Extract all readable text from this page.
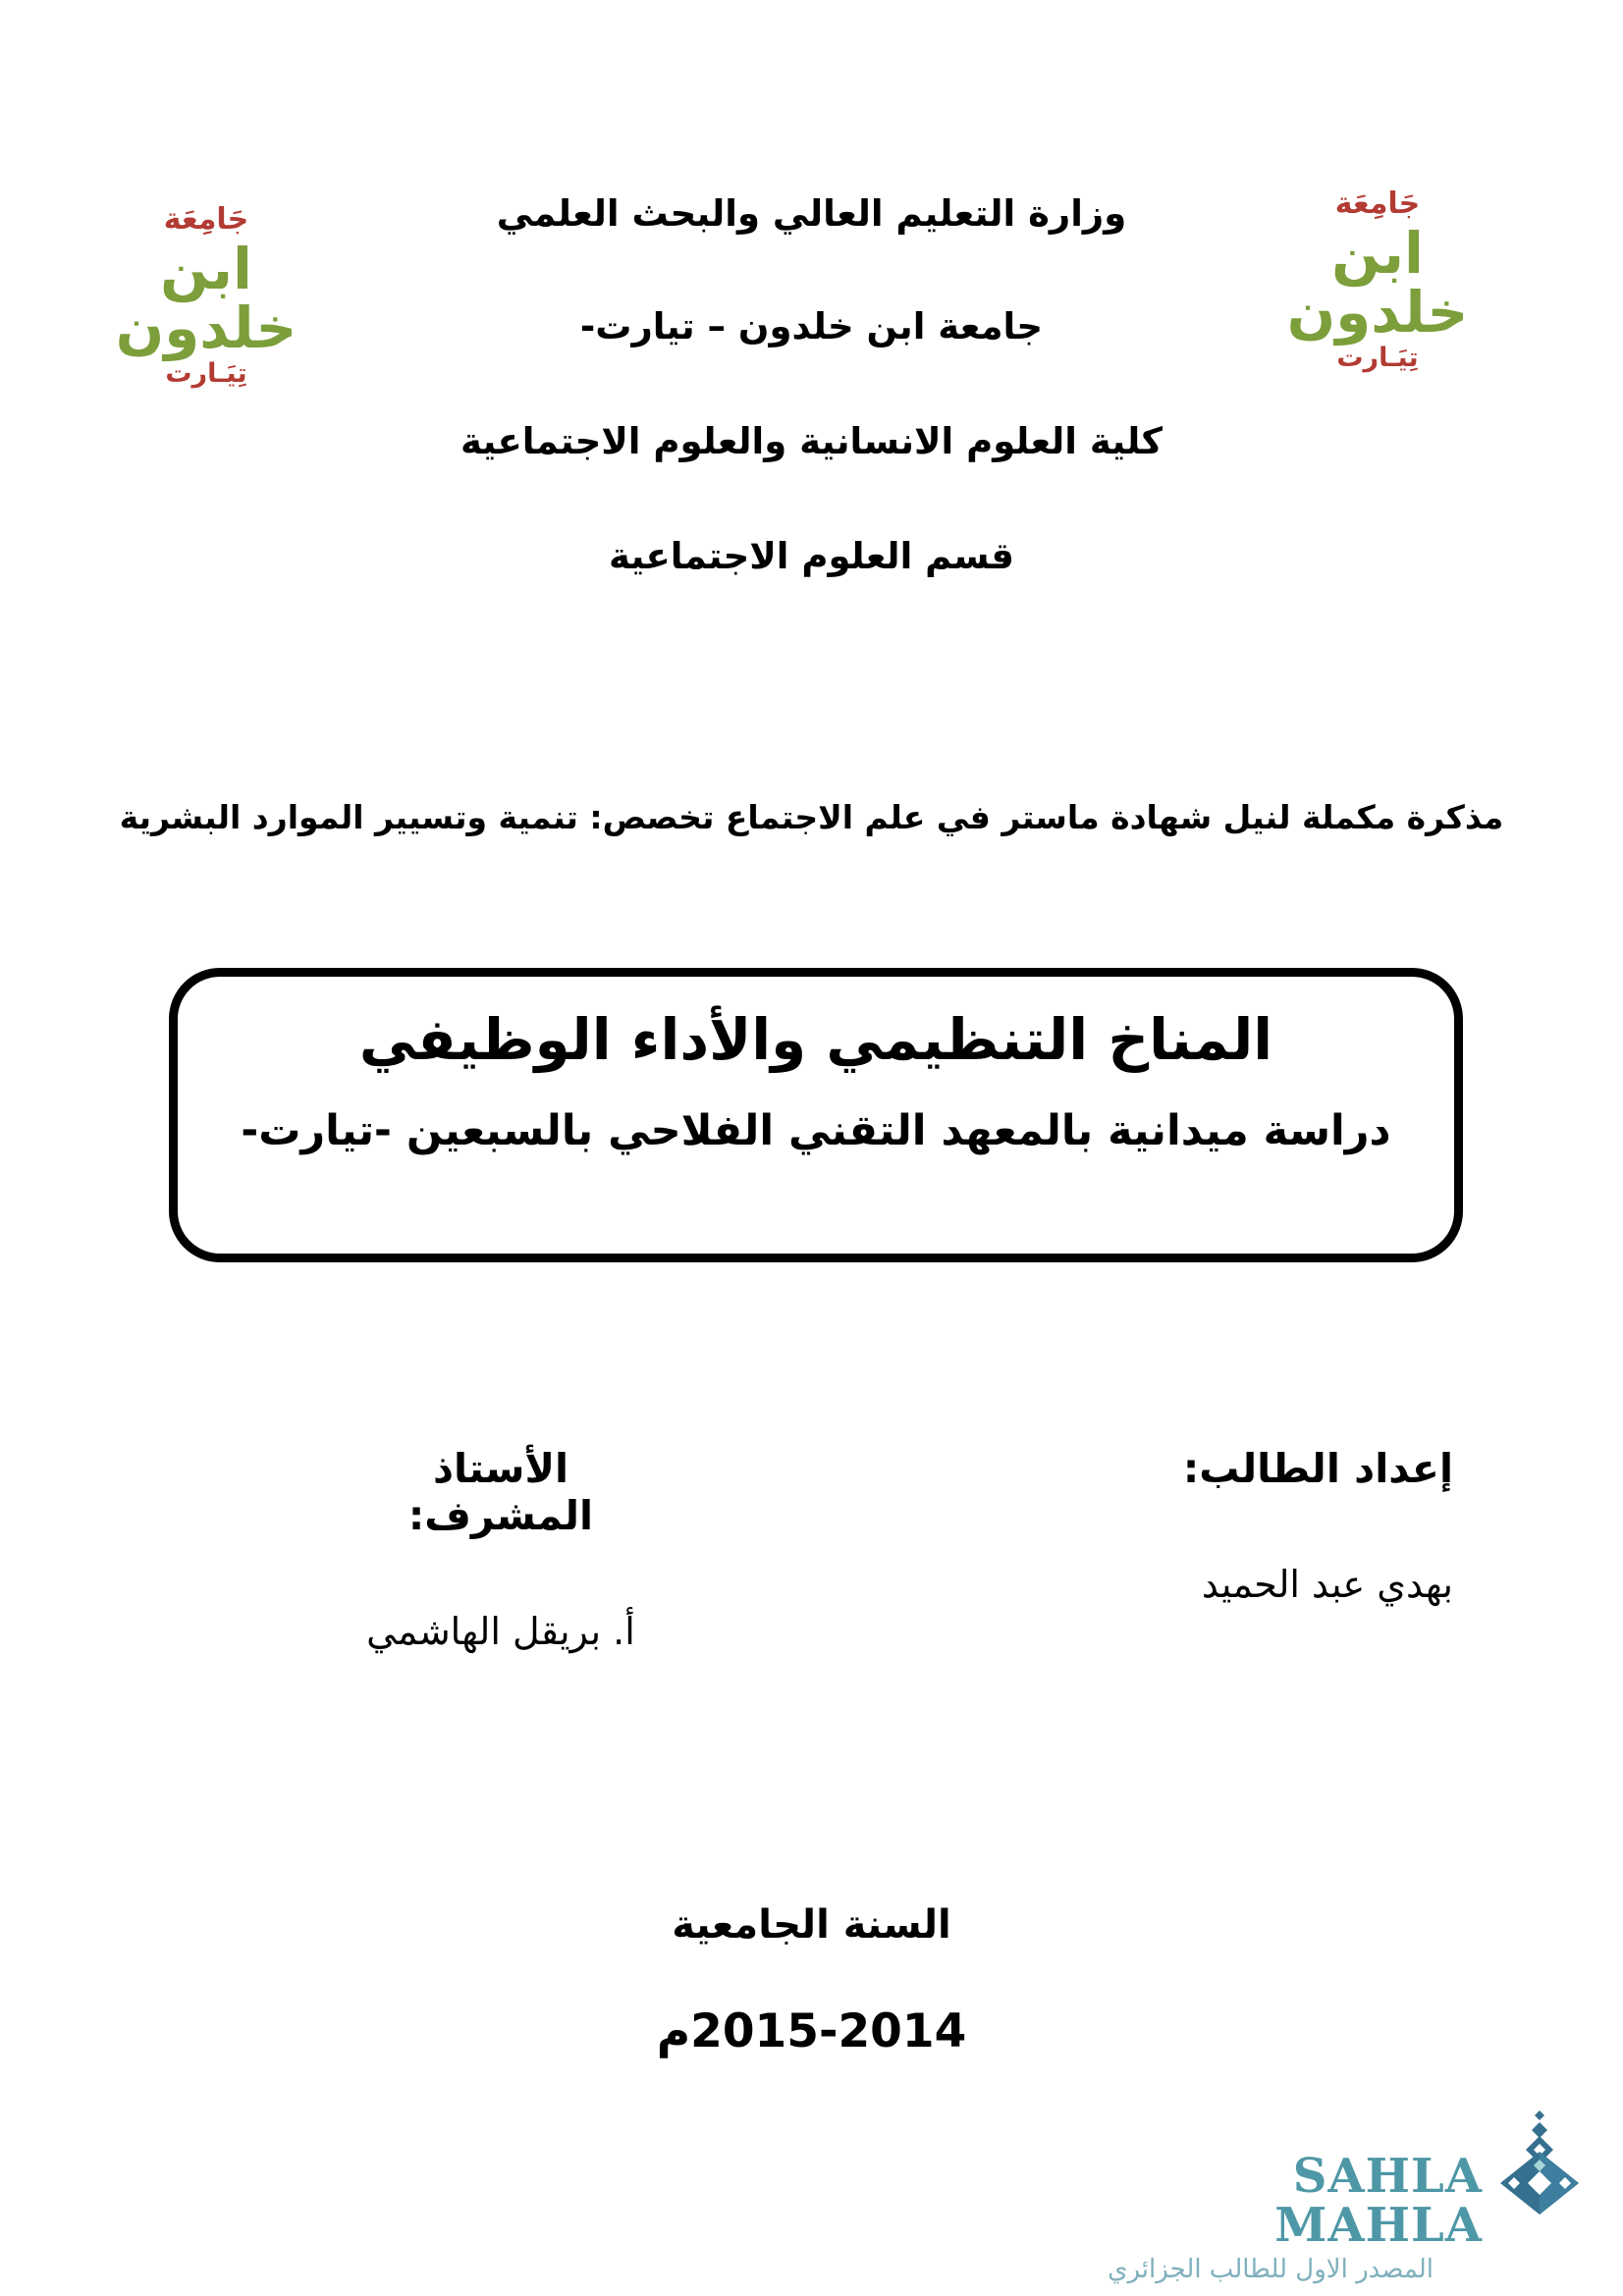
جَامِعَة
ابن خلدون
تِيَـارت
جَامِعَة
ابن خلدون
تِيَـارت
وزارة التعليم العالي والبحث العلمي
جامعة ابن خلدون – تيارت-
كلية العلوم الانسانية والعلوم الاجتماعية
قسم العلوم الاجتماعية
مذكرة مكملة لنيل شهادة ماستر في علم الاجتماع تخصص: تنمية وتسيير الموارد البشرية
المناخ التنظيمي والأداء الوظيفي
دراسة ميدانية بالمعهد التقني الفلاحي بالسبعين -تيارت-
إعداد الطالب:
بهدي عبد الحميد
الأستاذ المشرف:
أ. بريقل الهاشمي
السنة الجامعية
2015-2014م
SAHLA MAHLA
المصدر الاول للطالب الجزائري
